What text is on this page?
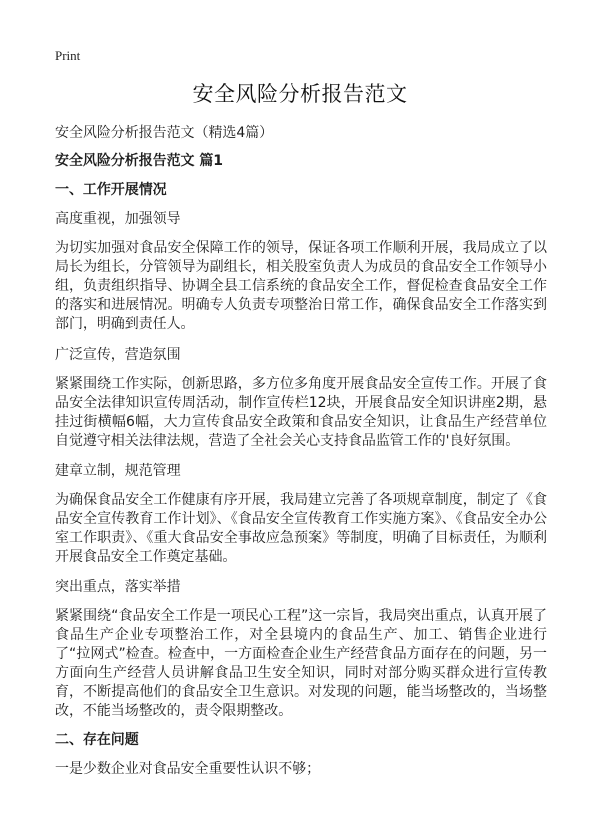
Print
安全风险分析报告范文
安全风险分析报告范文（精选4篇）
安全风险分析报告范文 篇1
一、工作开展情况
高度重视，加强领导
为切实加强对食品安全保障工作的领导，保证各项工作顺利开展，我局成立了以局长为组长，分管领导为副组长，相关股室负责人为成员的食品安全工作领导小组，负责组织指导、协调全县工信系统的食品安全工作，督促检查食品安全工作的落实和进展情况。明确专人负责专项整治日常工作，确保食品安全工作落实到部门，明确到责任人。
广泛宣传，营造氛围
紧紧围绕工作实际，创新思路，多方位多角度开展食品安全宣传工作。开展了食品安全法律知识宣传周活动，制作宣传栏12块，开展食品安全知识讲座2期，悬挂过街横幅6幅，大力宣传食品安全政策和食品安全知识，让食品生产经营单位自觉遵守相关法律法规，营造了全社会关心支持食品监管工作的'良好氛围。
建章立制，规范管理
为确保食品安全工作健康有序开展，我局建立完善了各项规章制度，制定了《食品安全宣传教育工作计划》、《食品安全宣传教育工作实施方案》、《食品安全办公室工作职责》、《重大食品安全事故应急预案》等制度，明确了目标责任，为顺利开展食品安全工作奠定基础。
突出重点，落实举措
紧紧围绕“食品安全工作是一项民心工程”这一宗旨，我局突出重点，认真开展了食品生产企业专项整治工作，对全县境内的食品生产、加工、销售企业进行了“拉网式”检查。检查中，一方面检查企业生产经营食品方面存在的问题，另一方面向生产经营人员讲解食品卫生安全知识，同时对部分购买群众进行宣传教育，不断提高他们的食品安全卫生意识。对发现的问题，能当场整改的，当场整改，不能当场整改的，责令限期整改。
二、存在问题
一是少数企业对食品安全重要性认识不够；
